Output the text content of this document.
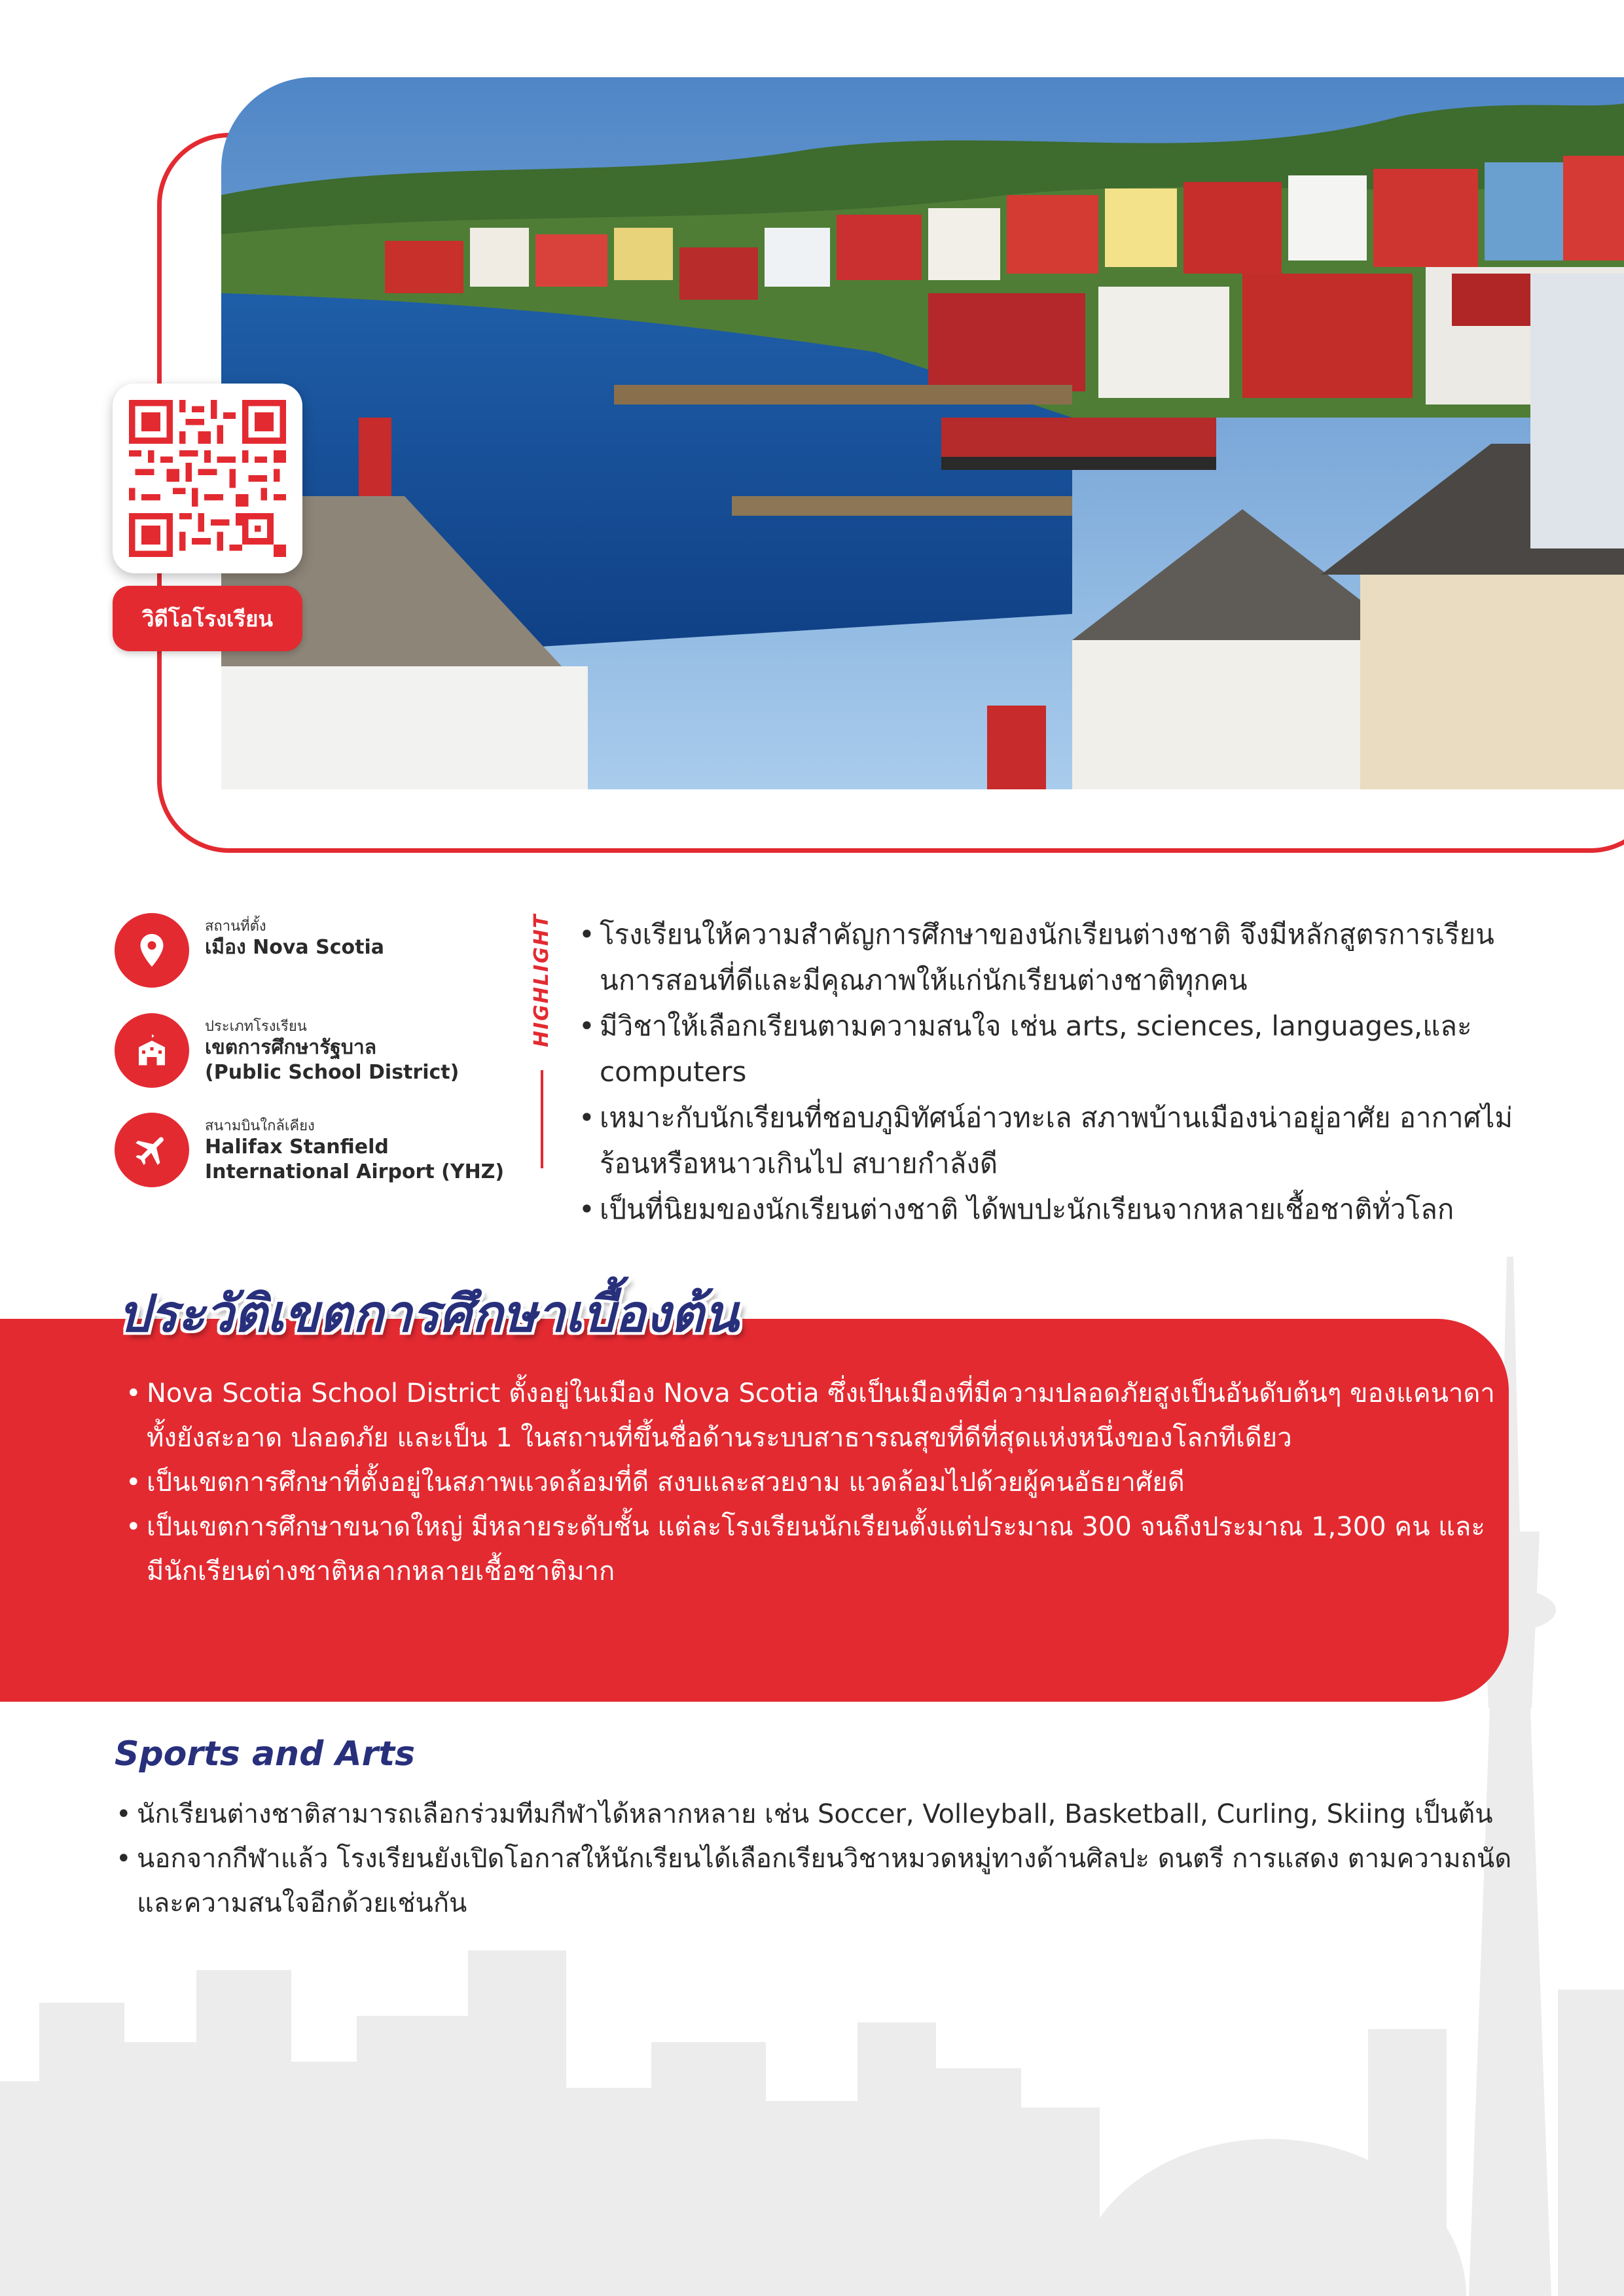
วิดีโอโรงเรียน
สถานที่ตั้ง
เมือง Nova Scotia
ประเภทโรงเรียน
เขตการศึกษารัฐบาล
(Public School District)
สนามบินใกล้เคียง
Halifax Stanfield
International Airport (YHZ)
HIGHLIGHT
•	โรงเรียนให้ความสำคัญการศึกษาของนักเรียนต่างชาติ จึงมีหลักสูตรการเรียนนการสอนที่ดีและมีคุณภาพให้แก่นักเรียนต่างชาติทุกคน
• มีวิชาให้เลือกเรียนตามความสนใจ เช่น arts, sciences, languages,และ computers
• เหมาะกับนักเรียนที่ชอบภูมิทัศน์อ่าวทะเล สภาพบ้านเมืองน่าอยู่อาศัย อากาศไม่ร้อนหรือหนาวเกินไป สบายกำลังดี
• เป็นที่นิยมของนักเรียนต่างชาติ ได้พบปะนักเรียนจากหลายเชื้อชาติทั่วโลก
ประวัติเขตการศึกษาเบื้องต้น
• Nova Scotia School District ตั้งอยู่ในเมือง Nova Scotia ซึ่งเป็นเมืองที่มีความปลอดภัยสูงเป็นอันดับต้นๆ ของแคนาดา ทั้งยังสะอาด ปลอดภัย และเป็น 1 ในสถานที่ขึ้นชื่อด้านระบบสาธารณสุขที่ดีที่สุดแห่งหนึ่งของโลกทีเดียว
• เป็นเขตการศึกษาที่ตั้งอยู่ในสภาพแวดล้อมที่ดี สงบและสวยงาม แวดล้อมไปด้วยผู้คนอัธยาศัยดี
• เป็นเขตการศึกษาขนาดใหญ่ มีหลายระดับชั้น แต่ละโรงเรียนนักเรียนตั้งแต่ประมาณ 300 จนถึงประมาณ 1,300 คน และมีนักเรียนต่างชาติหลากหลายเชื้อชาติมาก
Sports and Arts
• นักเรียนต่างชาติสามารถเลือกร่วมทีมกีฬาได้หลากหลาย เช่น Soccer, Volleyball, Basketball, Curling, Skiing เป็นต้น
• นอกจากกีฬาแล้ว โรงเรียนยังเปิดโอกาสให้นักเรียนได้เลือกเรียนวิชาหมวดหมู่ทางด้านศิลปะ ดนตรี การแสดง ตามความถนัดและความสนใจอีกด้วยเช่นกัน
